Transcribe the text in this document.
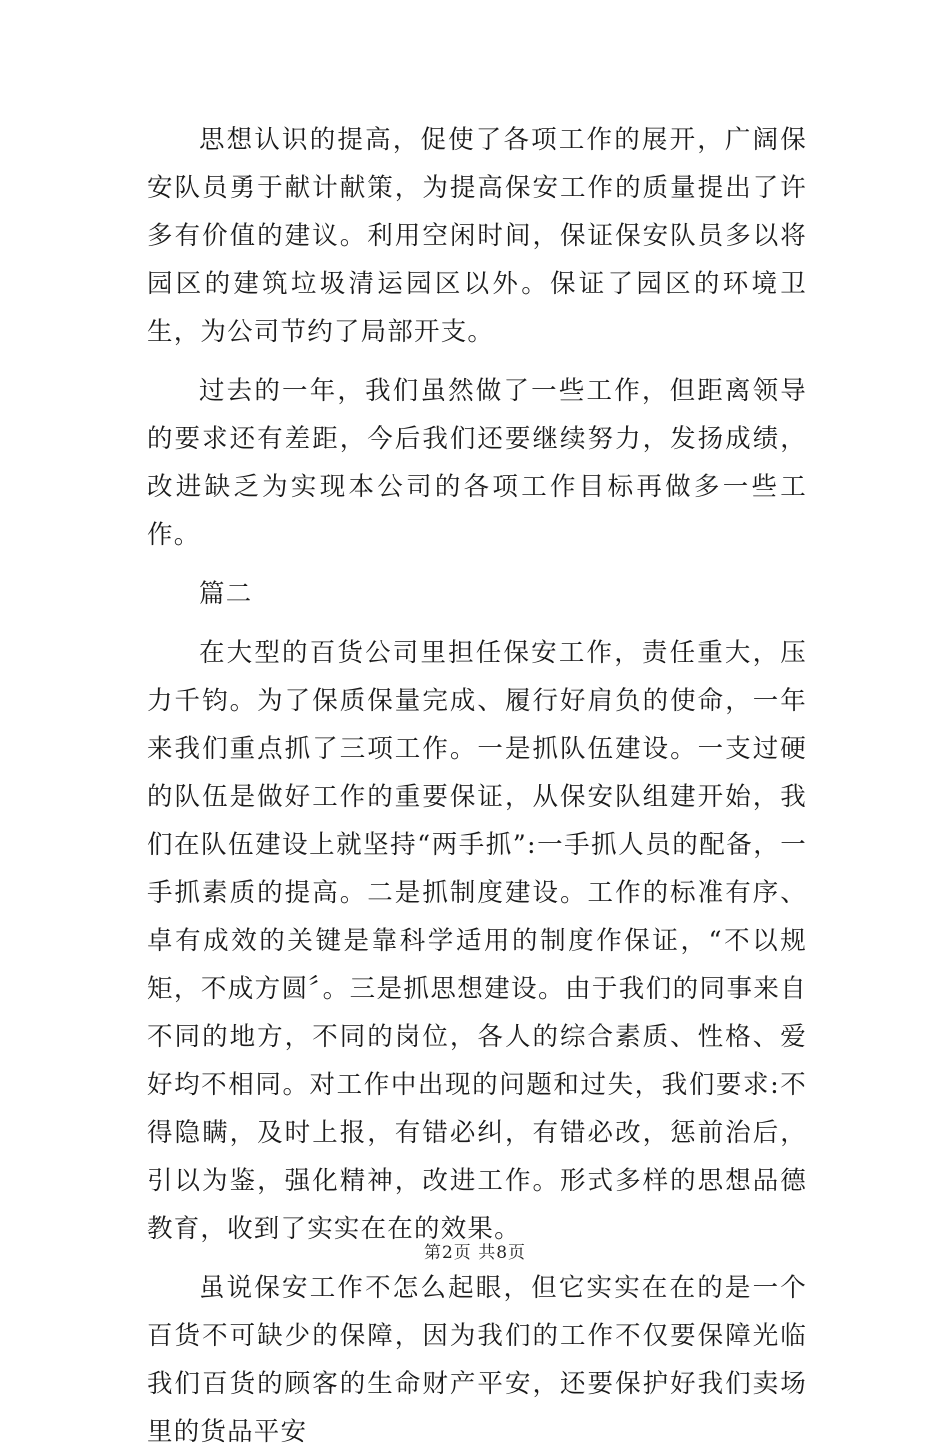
思想认识的提高，促使了各项工作的展开，广阔保安队员勇于献计献策，为提高保安工作的质量提出了许多有价值的建议。利用空闲时间，保证保安队员多以将园区的建筑垃圾清运园区以外。保证了园区的环境卫生，为公司节约了局部开支。

过去的一年，我们虽然做了一些工作，但距离领导的要求还有差距，今后我们还要继续努力，发扬成绩，改进缺乏为实现本公司的各项工作目标再做多一些工作。

篇二

在大型的百货公司里担任保安工作，责任重大，压力千钧。为了保质保量完成、履行好肩负的使命，一年来我们重点抓了三项工作。一是抓队伍建设。一支过硬的队伍是做好工作的重要保证，从保安队组建开始，我们在队伍建设上就坚持“两手抓”:一手抓人员的配备，一手抓素质的提高。二是抓制度建设。工作的标准有序、卓有成效的关键是靠科学适用的制度作保证，“不以规矩，不成方圆〞。三是抓思想建设。由于我们的同事来自不同的地方，不同的岗位，各人的综合素质、性格、爱好均不相同。对工作中出现的问题和过失，我们要求:不得隐瞒，及时上报，有错必纠，有错必改，惩前治后，引以为鉴，强化精神，改进工作。形式多样的思想品德教育，收到了实实在在的效果。

虽说保安工作不怎么起眼，但它实实在在的是一个百货不可缺少的保障，因为我们的工作不仅要保障光临我们百货的顾客的生命财产平安，还要保护好我们卖场里的货品平安

第2页 共8页
